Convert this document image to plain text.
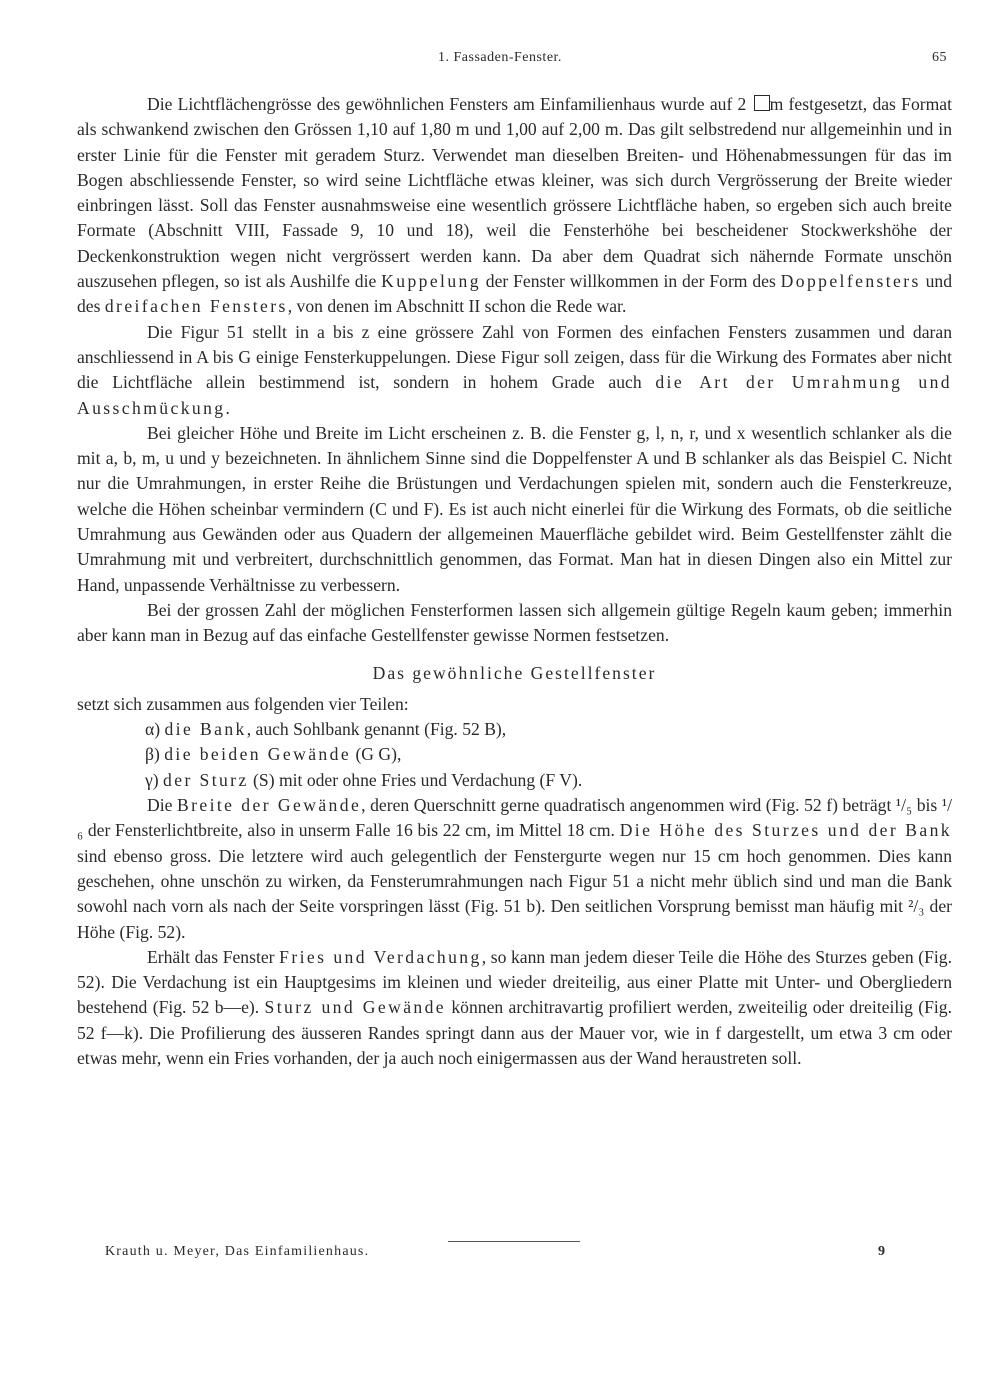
1. Fassaden-Fenster.	65

Die Lichtflächengrösse des gewöhnlichen Fensters am Einfamilienhaus wurde auf 2 m festgesetzt, das Format als schwankend zwischen den Grössen 1,10 auf 1,80 m und 1,00 auf 2,00 m. Das gilt selbstredend nur allgemeinhin und in erster Linie für die Fenster mit geradem Sturz. Verwendet man dieselben Breiten- und Höhenabmessungen für das im Bogen abschliessende Fenster, so wird seine Lichtfläche etwas kleiner, was sich durch Vergrösserung der Breite wieder einbringen lässt. Soll das Fenster ausnahmsweise eine wesentlich grössere Lichtfläche haben, so ergeben sich auch breite Formate (Abschnitt VIII, Fassade 9, 10 und 18), weil die Fensterhöhe bei bescheidener Stockwerkshöhe der Deckenkonstruktion wegen nicht vergrössert werden kann. Da aber dem Quadrat sich nähernde Formate unschön auszusehen pflegen, so ist als Aushilfe die Kuppelung der Fenster willkommen in der Form des Doppelfensters und des dreifachen Fensters, von denen im Abschnitt II schon die Rede war.

Die Figur 51 stellt in a bis z eine grössere Zahl von Formen des einfachen Fensters zusammen und daran anschliessend in A bis G einige Fensterkuppelungen. Diese Figur soll zeigen, dass für die Wirkung des Formates aber nicht die Lichtfläche allein bestimmend ist, sondern in hohem Grade auch die Art der Umrahmung und Ausschmückung.

Bei gleicher Höhe und Breite im Licht erscheinen z. B. die Fenster g, l, n, r, und x wesentlich schlanker als die mit a, b, m, u und y bezeichneten. In ähnlichem Sinne sind die Doppelfenster A und B schlanker als das Beispiel C. Nicht nur die Umrahmungen, in erster Reihe die Brüstungen und Verdachungen spielen mit, sondern auch die Fensterkreuze, welche die Höhen scheinbar vermindern (C und F). Es ist auch nicht einerlei für die Wirkung des Formats, ob die seitliche Umrahmung aus Gewänden oder aus Quadern der allgemeinen Mauerfläche gebildet wird. Beim Gestellfenster zählt die Umrahmung mit und verbreitert, durchschnittlich genommen, das Format. Man hat in diesen Dingen also ein Mittel zur Hand, unpassende Verhältnisse zu verbessern.

Bei der grossen Zahl der möglichen Fensterformen lassen sich allgemein gültige Regeln kaum geben; immerhin aber kann man in Bezug auf das einfache Gestellfenster gewisse Normen festsetzen.

Das gewöhnliche Gestellfenster

setzt sich zusammen aus folgenden vier Teilen:

α) die Bank, auch Sohlbank genannt (Fig. 52 B),
β) die beiden Gewände (G G),
γ) der Sturz (S) mit oder ohne Fries und Verdachung (F V).

Die Breite der Gewände, deren Querschnitt gerne quadratisch angenommen wird (Fig. 52 f) beträgt ¹/₅ bis ¹/₆ der Fensterlichtbreite, also in unserm Falle 16 bis 22 cm, im Mittel 18 cm. Die Höhe des Sturzes und der Bank sind ebenso gross. Die letztere wird auch gelegentlich der Fenstergurte wegen nur 15 cm hoch genommen. Dies kann geschehen, ohne unschön zu wirken, da Fensterumrahmungen nach Figur 51 a nicht mehr üblich sind und man die Bank sowohl nach vorn als nach der Seite vorspringen lässt (Fig. 51 b). Den seitlichen Vorsprung bemisst man häufig mit ²/₃ der Höhe (Fig. 52).

Erhält das Fenster Fries und Verdachung, so kann man jedem dieser Teile die Höhe des Sturzes geben (Fig. 52). Die Verdachung ist ein Hauptgesims im kleinen und wieder dreiteilig, aus einer Platte mit Unter- und Obergliedern bestehend (Fig. 52 b—e). Sturz und Gewände können architravartig profiliert werden, zweiteilig oder dreiteilig (Fig. 52 f—k). Die Profilierung des äusseren Randes springt dann aus der Mauer vor, wie in f dargestellt, um etwa 3 cm oder etwas mehr, wenn ein Fries vorhanden, der ja auch noch einigermassen aus der Wand heraustreten soll.

Krauth u. Meyer, Das Einfamilienhaus.	9
